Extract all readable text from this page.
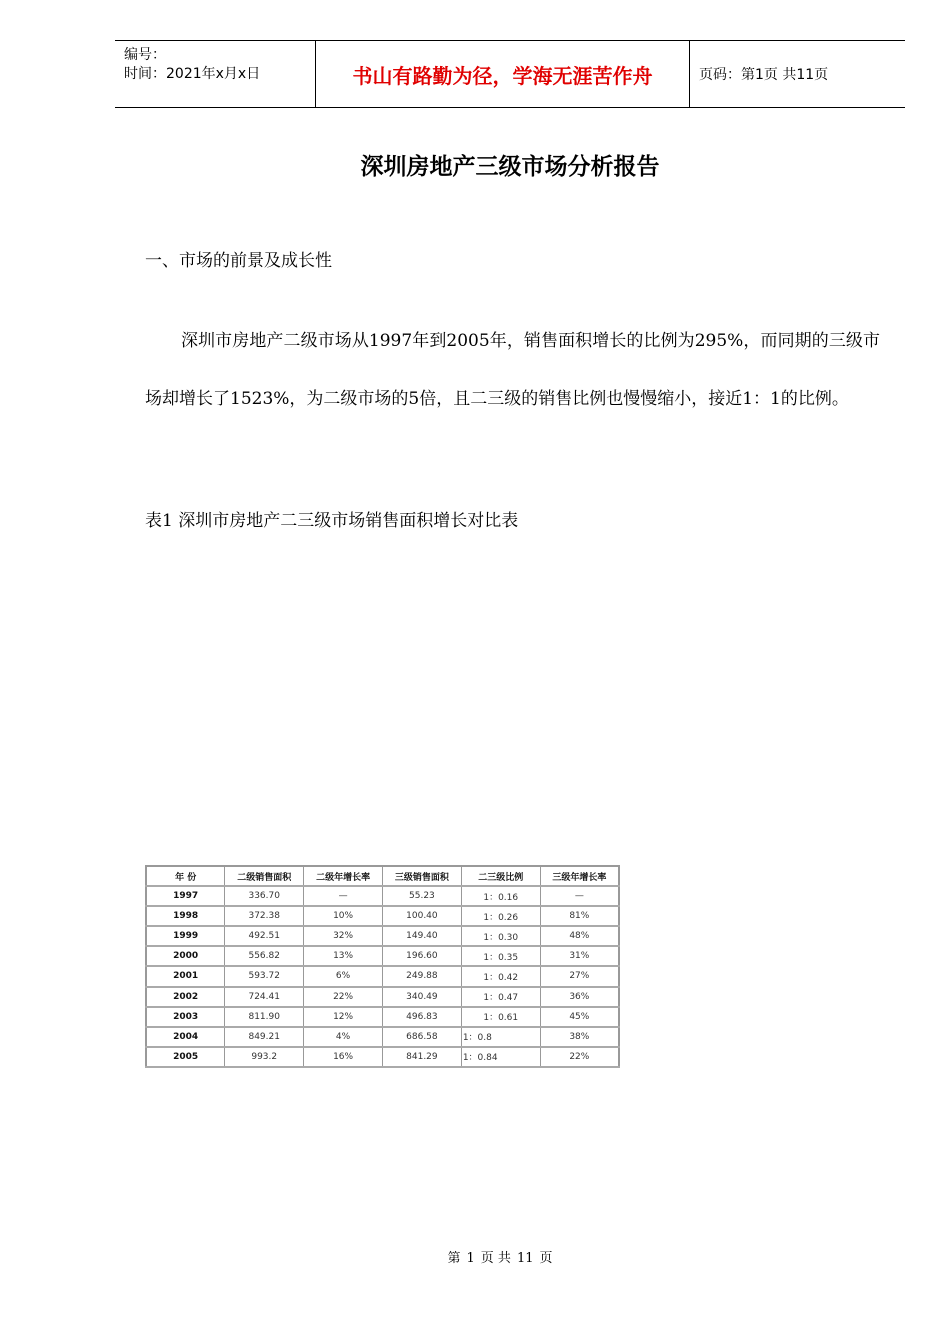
编号：
时间：2021年x月x日	书山有路勤为径，学海无涯苦作舟	页码：第1页 共11页
深圳房地产三级市场分析报告
一、市场的前景及成长性

深圳市房地产二级市场从1997年到2005年，销售面积增长的比例为295%，而同期的三级市场却增长了1523%，为二级市场的5倍，且二三级的销售比例也慢慢缩小，接近1：1的比例。

表1 深圳市房地产二三级市场销售面积增长对比表
年 份	二级销售面积	二级年增长率	三级销售面积	二三级比例	三级年增长率
1997	336.70	—	55.23	1：0.16	—
1998	372.38	10%	100.40	1：0.26	81%
1999	492.51	32%	149.40	1：0.30	48%
2000	556.82	13%	196.60	1：0.35	31%
2001	593.72	6%	249.88	1：0.42	27%
2002	724.41	22%	340.49	1：0.47	36%
2003	811.90	12%	496.83	1：0.61	45%
2004	849.21	4%	686.58	1：0.8	38%
2005	993.2	16%	841.29	1：0.84	22%
第 1 页 共 11 页
